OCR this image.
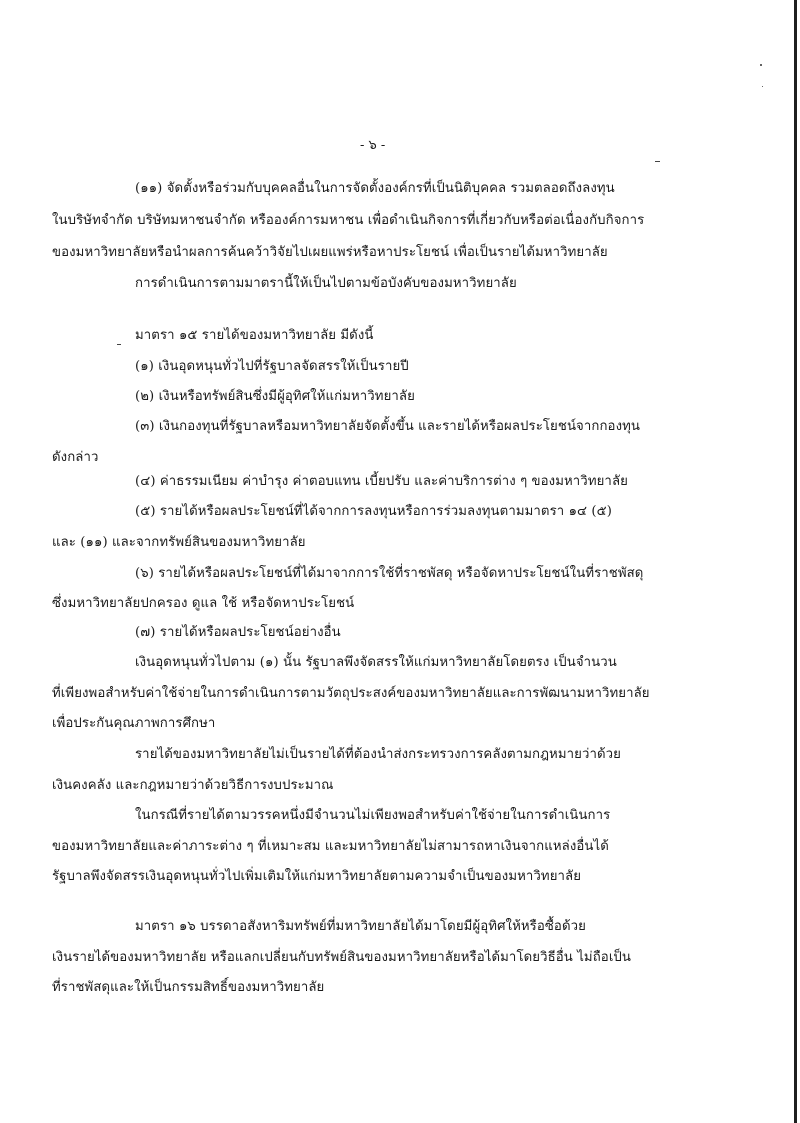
- ๖ -

(๑๑) จัดตั้งหรือร่วมกับบุคคลอื่นในการจัดตั้งองค์กรที่เป็นนิติบุคคล รวมตลอดถึงลงทุน

ในบริษัทจำกัด บริษัทมหาชนจำกัด หรือองค์การมหาชน เพื่อดำเนินกิจการที่เกี่ยวกับหรือต่อเนื่องกับกิจการ

ของมหาวิทยาลัยหรือนำผลการค้นคว้าวิจัยไปเผยแพร่หรือหาประโยชน์ เพื่อเป็นรายได้มหาวิทยาลัย

การดำเนินการตามมาตรานี้ให้เป็นไปตามข้อบังคับของมหาวิทยาลัย

มาตรา ๑๕ รายได้ของมหาวิทยาลัย มีดังนี้

(๑) เงินอุดหนุนทั่วไปที่รัฐบาลจัดสรรให้เป็นรายปี

(๒) เงินหรือทรัพย์สินซึ่งมีผู้อุทิศให้แก่มหาวิทยาลัย

(๓) เงินกองทุนที่รัฐบาลหรือมหาวิทยาลัยจัดตั้งขึ้น และรายได้หรือผลประโยชน์จากกองทุน

ดังกล่าว

(๔) ค่าธรรมเนียม ค่าบำรุง ค่าตอบแทน เบี้ยปรับ และค่าบริการต่าง ๆ ของมหาวิทยาลัย

(๕) รายได้หรือผลประโยชน์ที่ได้จากการลงทุนหรือการร่วมลงทุนตามมาตรา ๑๔ (๕)

และ (๑๑) และจากทรัพย์สินของมหาวิทยาลัย

(๖) รายได้หรือผลประโยชน์ที่ได้มาจากการใช้ที่ราชพัสดุ หรือจัดหาประโยชน์ในที่ราชพัสดุ

ซึ่งมหาวิทยาลัยปกครอง ดูแล ใช้ หรือจัดหาประโยชน์

(๗) รายได้หรือผลประโยชน์อย่างอื่น

เงินอุดหนุนทั่วไปตาม (๑) นั้น รัฐบาลพึงจัดสรรให้แก่มหาวิทยาลัยโดยตรง เป็นจำนวน

ที่เพียงพอสำหรับค่าใช้จ่ายในการดำเนินการตามวัตถุประสงค์ของมหาวิทยาลัยและการพัฒนามหาวิทยาลัย

เพื่อประกันคุณภาพการศึกษา

รายได้ของมหาวิทยาลัยไม่เป็นรายได้ที่ต้องนำส่งกระทรวงการคลังตามกฎหมายว่าด้วย

เงินคงคลัง และกฎหมายว่าด้วยวิธีการงบประมาณ

ในกรณีที่รายได้ตามวรรคหนึ่งมีจำนวนไม่เพียงพอสำหรับค่าใช้จ่ายในการดำเนินการ

ของมหาวิทยาลัยและค่าภาระต่าง ๆ ที่เหมาะสม และมหาวิทยาลัยไม่สามารถหาเงินจากแหล่งอื่นได้

รัฐบาลพึงจัดสรรเงินอุดหนุนทั่วไปเพิ่มเติมให้แก่มหาวิทยาลัยตามความจำเป็นของมหาวิทยาลัย

มาตรา ๑๖ บรรดาอสังหาริมทรัพย์ที่มหาวิทยาลัยได้มาโดยมีผู้อุทิศให้หรือซื้อด้วย

เงินรายได้ของมหาวิทยาลัย หรือแลกเปลี่ยนกับทรัพย์สินของมหาวิทยาลัยหรือได้มาโดยวิธีอื่น ไม่ถือเป็น

ที่ราชพัสดุและให้เป็นกรรมสิทธิ์ของมหาวิทยาลัย
